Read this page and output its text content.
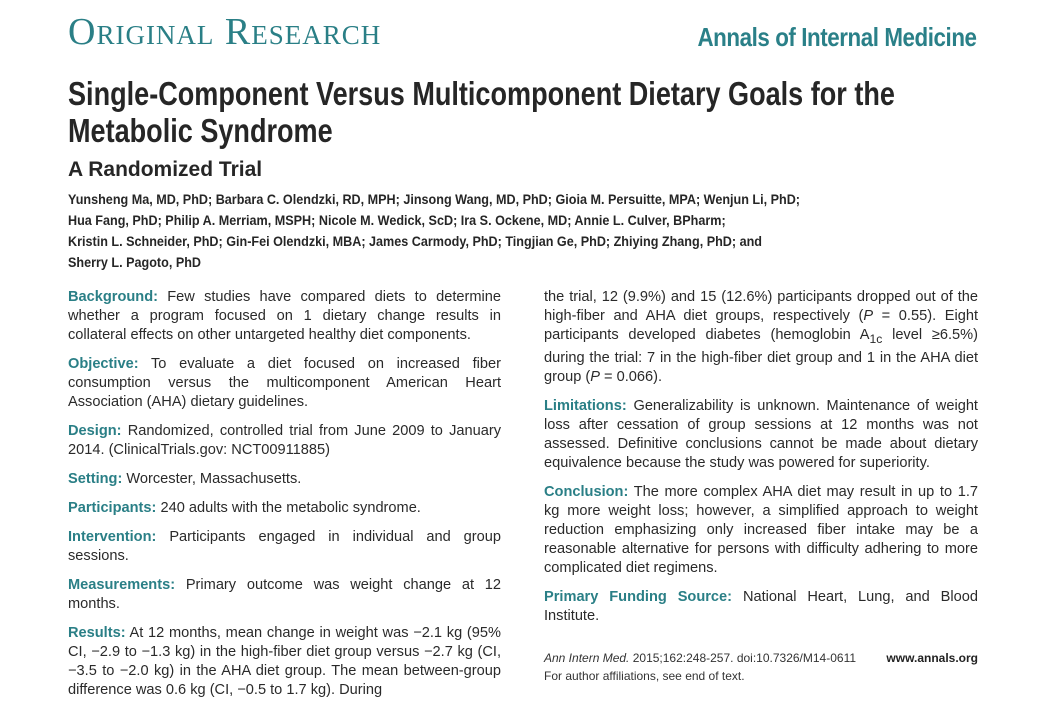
Original Research	Annals of Internal Medicine
Single-Component Versus Multicomponent Dietary Goals for the
Metabolic Syndrome
A Randomized Trial
Yunsheng Ma, MD, PhD; Barbara C. Olendzki, RD, MPH; Jinsong Wang, MD, PhD; Gioia M. Persuitte, MPA; Wenjun Li, PhD;
Hua Fang, PhD; Philip A. Merriam, MSPH; Nicole M. Wedick, ScD; Ira S. Ockene, MD; Annie L. Culver, BPharm;
Kristin L. Schneider, PhD; Gin-Fei Olendzki, MBA; James Carmody, PhD; Tingjian Ge, PhD; Zhiying Zhang, PhD; and
Sherry L. Pagoto, PhD

Background: Few studies have compared diets to determine whether a program focused on 1 dietary change results in collateral effects on other untargeted healthy diet components.

Objective: To evaluate a diet focused on increased fiber consumption versus the multicomponent American Heart Association (AHA) dietary guidelines.

Design: Randomized, controlled trial from June 2009 to January 2014. (ClinicalTrials.gov: NCT00911885)

Setting: Worcester, Massachusetts.

Participants: 240 adults with the metabolic syndrome.

Intervention: Participants engaged in individual and group sessions.

Measurements: Primary outcome was weight change at 12 months.

Results: At 12 months, mean change in weight was −2.1 kg (95% CI, −2.9 to −1.3 kg) in the high-fiber diet group versus −2.7 kg (CI, −3.5 to −2.0 kg) in the AHA diet group. The mean between-group difference was 0.6 kg (CI, −0.5 to 1.7 kg). During

the trial, 12 (9.9%) and 15 (12.6%) participants dropped out of the high-fiber and AHA diet groups, respectively (P = 0.55). Eight participants developed diabetes (hemoglobin $A_{1c}$ level ≥6.5%) during the trial: 7 in the high-fiber diet group and 1 in the AHA diet group (P = 0.066).

Limitations: Generalizability is unknown. Maintenance of weight loss after cessation of group sessions at 12 months was not assessed. Definitive conclusions cannot be made about dietary equivalence because the study was powered for superiority.

Conclusion: The more complex AHA diet may result in up to 1.7 kg more weight loss; however, a simplified approach to weight reduction emphasizing only increased fiber intake may be a reasonable alternative for persons with difficulty adhering to more complicated diet regimens.

Primary Funding Source: National Heart, Lung, and Blood Institute.

Ann Intern Med. 2015;162:248-257. doi:10.7326/M14-0611	www.annals.org
For author affiliations, see end of text.
